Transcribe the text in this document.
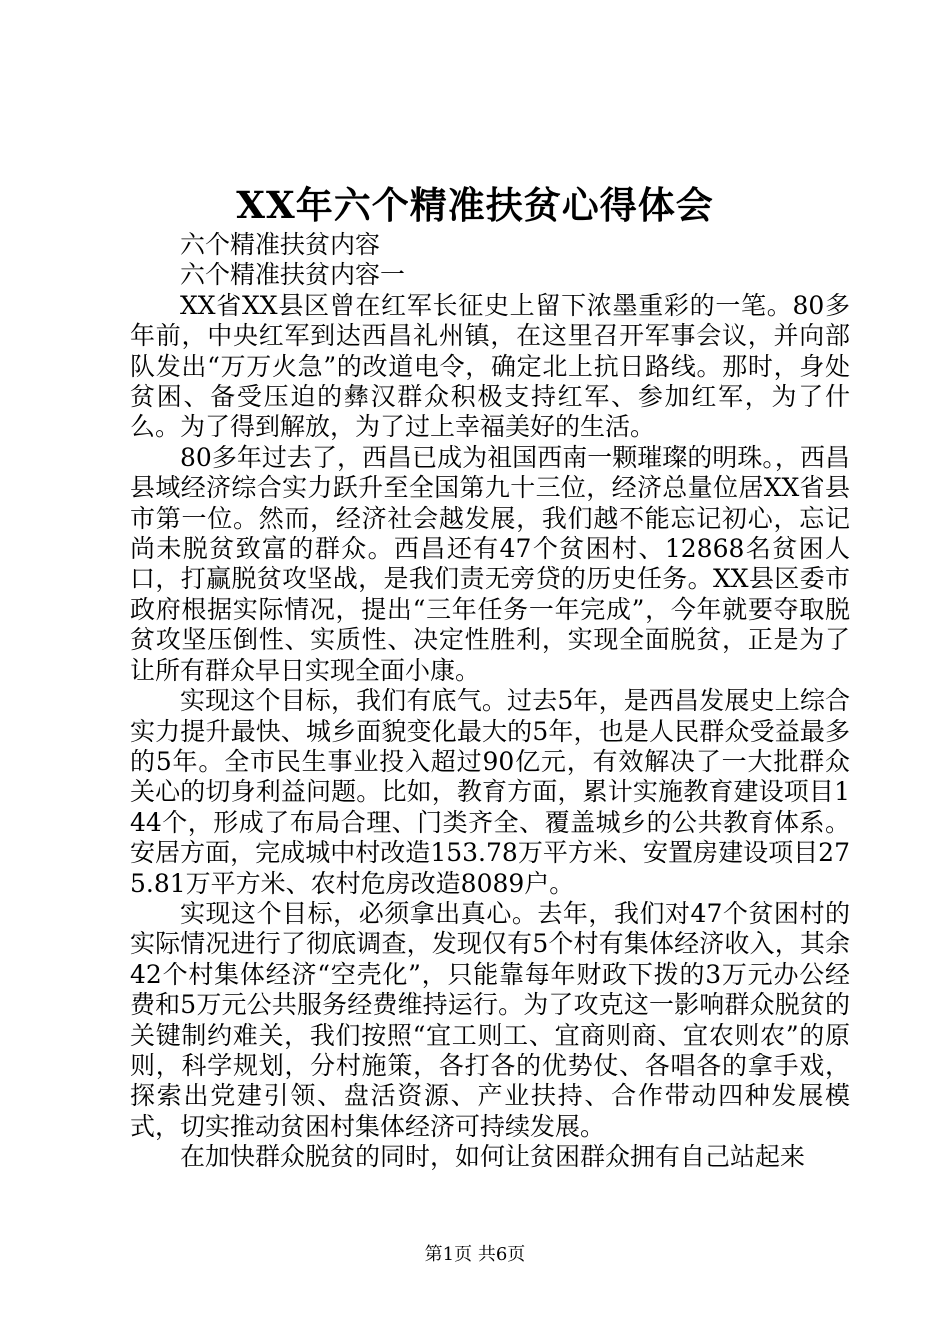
XX年六个精准扶贫心得体会

六个精准扶贫内容

六个精准扶贫内容一

XX省XX县区曾在红军长征史上留下浓墨重彩的一笔。80多年前，中央红军到达西昌礼州镇，在这里召开军事会议，并向部队发出“万万火急”的改道电令，确定北上抗日路线。那时，身处贫困、备受压迫的彝汉群众积极支持红军、参加红军，为了什么。为了得到解放，为了过上幸福美好的生活。

80多年过去了，西昌已成为祖国西南一颗璀璨的明珠。，西昌县域经济综合实力跃升至全国第九十三位，经济总量位居XX省县市第一位。然而，经济社会越发展，我们越不能忘记初心，忘记尚未脱贫致富的群众。西昌还有47个贫困村、12868名贫困人口，打赢脱贫攻坚战，是我们责无旁贷的历史任务。XX县区委市政府根据实际情况，提出“三年任务一年完成”，今年就要夺取脱贫攻坚压倒性、实质性、决定性胜利，实现全面脱贫，正是为了让所有群众早日实现全面小康。

实现这个目标，我们有底气。过去5年，是西昌发展史上综合实力提升最快、城乡面貌变化最大的5年，也是人民群众受益最多的5年。全市民生事业投入超过90亿元，有效解决了一大批群众关心的切身利益问题。比如，教育方面，累计实施教育建设项目144个，形成了布局合理、门类齐全、覆盖城乡的公共教育体系。安居方面，完成城中村改造153.78万平方米、安置房建设项目275.81万平方米、农村危房改造8089户。

实现这个目标，必须拿出真心。去年，我们对47个贫困村的实际情况进行了彻底调查，发现仅有5个村有集体经济收入，其余42个村集体经济“空壳化”，只能靠每年财政下拨的3万元办公经费和5万元公共服务经费维持运行。为了攻克这一影响群众脱贫的关键制约难关，我们按照“宜工则工、宜商则商、宜农则农”的原则，科学规划，分村施策，各打各的优势仗、各唱各的拿手戏，探索出党建引领、盘活资源、产业扶持、合作带动四种发展模式，切实推动贫困村集体经济可持续发展。

在加快群众脱贫的同时，如何让贫困群众拥有自己站起来

第1页 共6页
